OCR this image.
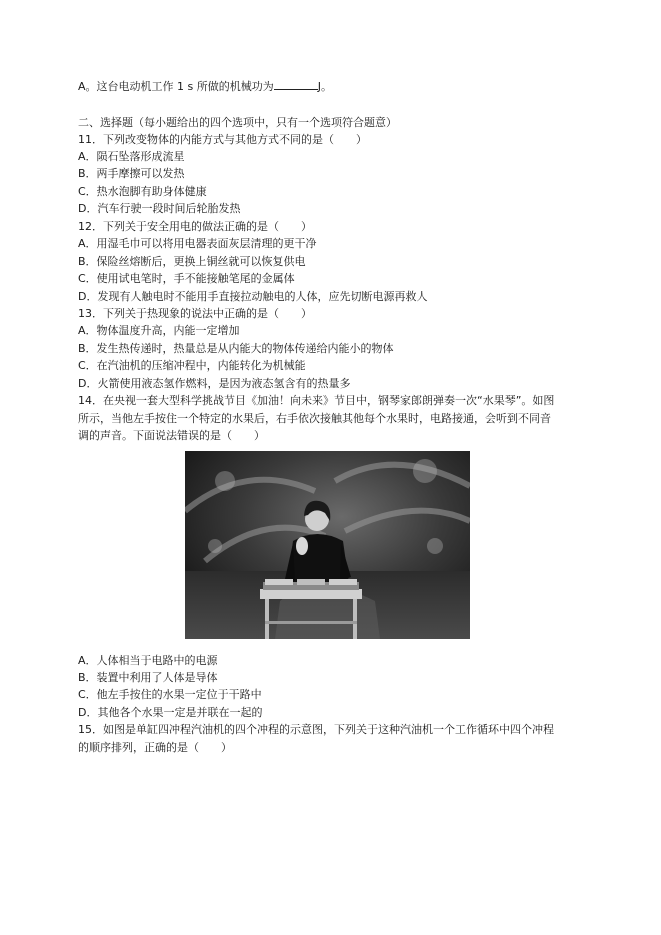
A。这台电动机工作 1 s 所做的机械功为	J。
二、选择题（每小题给出的四个选项中，只有一个选项符合题意）
11．下列改变物体的内能方式与其他方式不同的是（　　）
A．陨石坠落形成流星
B．两手摩擦可以发热
C．热水泡脚有助身体健康
D．汽车行驶一段时间后轮胎发热
12．下列关于安全用电的做法正确的是（　　）
A．用湿毛巾可以将用电器表面灰层清理的更干净
B．保险丝熔断后，更换上铜丝就可以恢复供电
C．使用试电笔时，手不能接触笔尾的金属体
D．发现有人触电时不能用手直接拉动触电的人体，应先切断电源再救人
13．下列关于热现象的说法中正确的是（　　）
A．物体温度升高，内能一定增加
B．发生热传递时，热量总是从内能大的物体传递给内能小的物体
C．在汽油机的压缩冲程中，内能转化为机械能
D．火箭使用液态氢作燃料，是因为液态氢含有的热量多
14．在央视一套大型科学挑战节目《加油！向未来》节目中，钢琴家郎朗弹奏一次“水果琴”。如图
所示，当他左手按住一个特定的水果后，右手依次接触其他每个水果时，电路接通，会听到不同音
调的声音。下面说法错误的是（　　）
A．人体相当于电路中的电源
B．装置中利用了人体是导体
C．他左手按住的水果一定位于干路中
D．其他各个水果一定是并联在一起的
15．如图是单缸四冲程汽油机的四个冲程的示意图，下列关于这种汽油机一个工作循环中四个冲程
的顺序排列，正确的是（　　）
